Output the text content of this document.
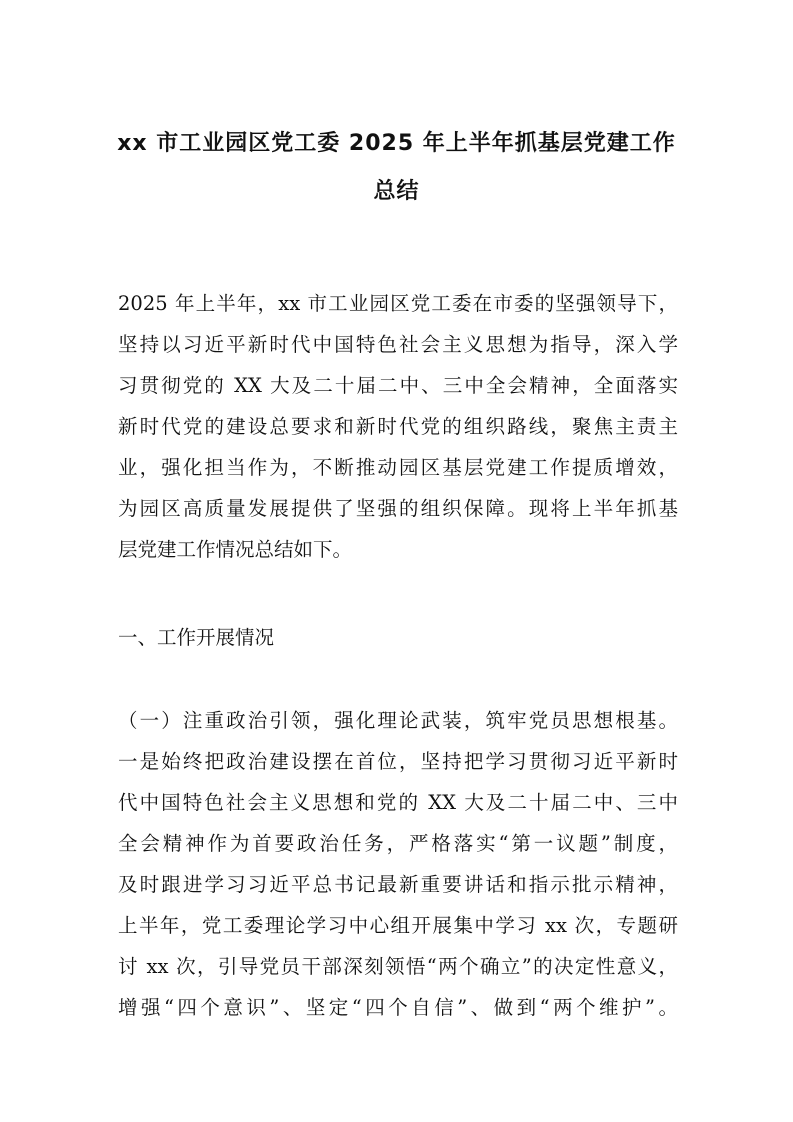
xx 市工业园区党工委 2025 年上半年抓基层党建工作
总结
2025 年上半年，xx 市工业园区党工委在市委的坚强领导下，
坚持以习近平新时代中国特色社会主义思想为指导，深入学
习贯彻党的 XX 大及二十届二中、三中全会精神，全面落实
新时代党的建设总要求和新时代党的组织路线，聚焦主责主
业，强化担当作为，不断推动园区基层党建工作提质增效，
为园区高质量发展提供了坚强的组织保障。现将上半年抓基
层党建工作情况总结如下。
一、工作开展情况
（一）注重政治引领，强化理论武装，筑牢党员思想根基。
一是始终把政治建设摆在首位，坚持把学习贯彻习近平新时
代中国特色社会主义思想和党的 XX 大及二十届二中、三中
全会精神作为首要政治任务，严格落实“第一议题”制度，
及时跟进学习习近平总书记最新重要讲话和指示批示精神，
上半年，党工委理论学习中心组开展集中学习 xx 次，专题研
讨 xx 次，引导党员干部深刻领悟“两个确立”的决定性意义，
增强“四个意识”、坚定“四个自信”、做到“两个维护”。
